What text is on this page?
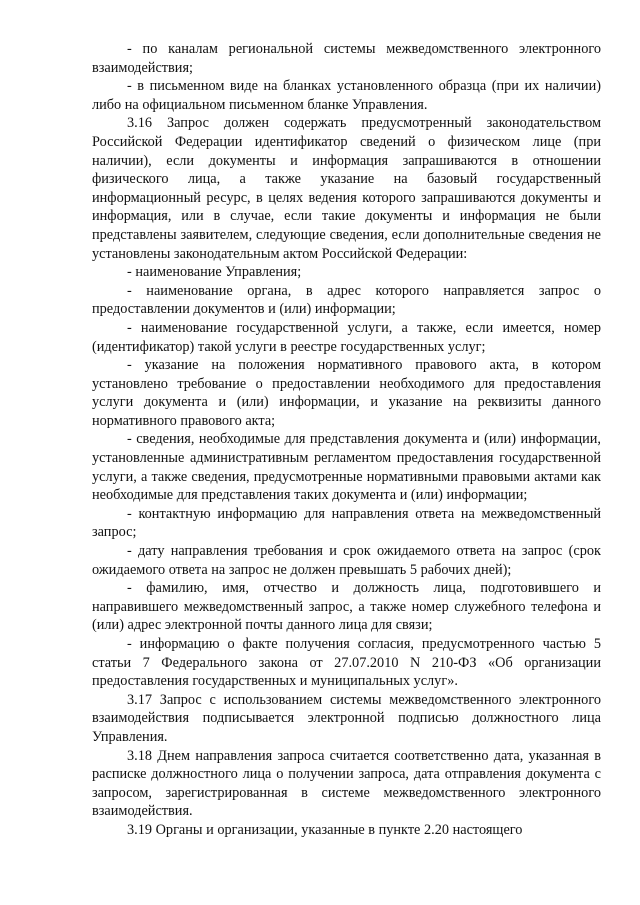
- по каналам региональной системы межведомственного электронного взаимодействия;

- в письменном виде на бланках установленного образца (при их наличии) либо на официальном письменном бланке Управления.

3.16 Запрос должен содержать предусмотренный законодательством Российской Федерации идентификатор сведений о физическом лице (при наличии), если документы и информация запрашиваются в отношении физического лица, а также указание на базовый государственный информационный ресурс, в целях ведения которого запрашиваются документы и информация, или в случае, если такие документы и информация не были представлены заявителем, следующие сведения, если дополнительные сведения не установлены законодательным актом Российской Федерации:

- наименование Управления;

- наименование органа, в адрес которого направляется запрос о предоставлении документов и (или) информации;

- наименование государственной услуги, а также, если имеется, номер (идентификатор) такой услуги в реестре государственных услуг;

- указание на положения нормативного правового акта, в котором установлено требование о предоставлении необходимого для предоставления услуги документа и (или) информации, и указание на реквизиты данного нормативного правового акта;

- сведения, необходимые для представления документа и (или) информации, установленные административным регламентом предоставления государственной услуги, а также сведения, предусмотренные нормативными правовыми актами как необходимые для представления таких документа и (или) информации;

- контактную информацию для направления ответа на межведомственный запрос;

- дату направления требования и срок ожидаемого ответа на запрос (срок ожидаемого ответа на запрос не должен превышать 5 рабочих дней);

- фамилию, имя, отчество и должность лица, подготовившего и направившего межведомственный запрос, а также номер служебного телефона и (или) адрес электронной почты данного лица для связи;

- информацию о факте получения согласия, предусмотренного частью 5 статьи 7 Федерального закона от 27.07.2010 N 210-ФЗ «Об организации предоставления государственных и муниципальных услуг».

3.17 Запрос с использованием системы межведомственного электронного взаимодействия подписывается электронной подписью должностного лица Управления.

3.18 Днем направления запроса считается соответственно дата, указанная в расписке должностного лица о получении запроса, дата отправления документа с запросом, зарегистрированная в системе межведомственного электронного взаимодействия.

3.19 Органы и организации, указанные в пункте 2.20 настоящего
